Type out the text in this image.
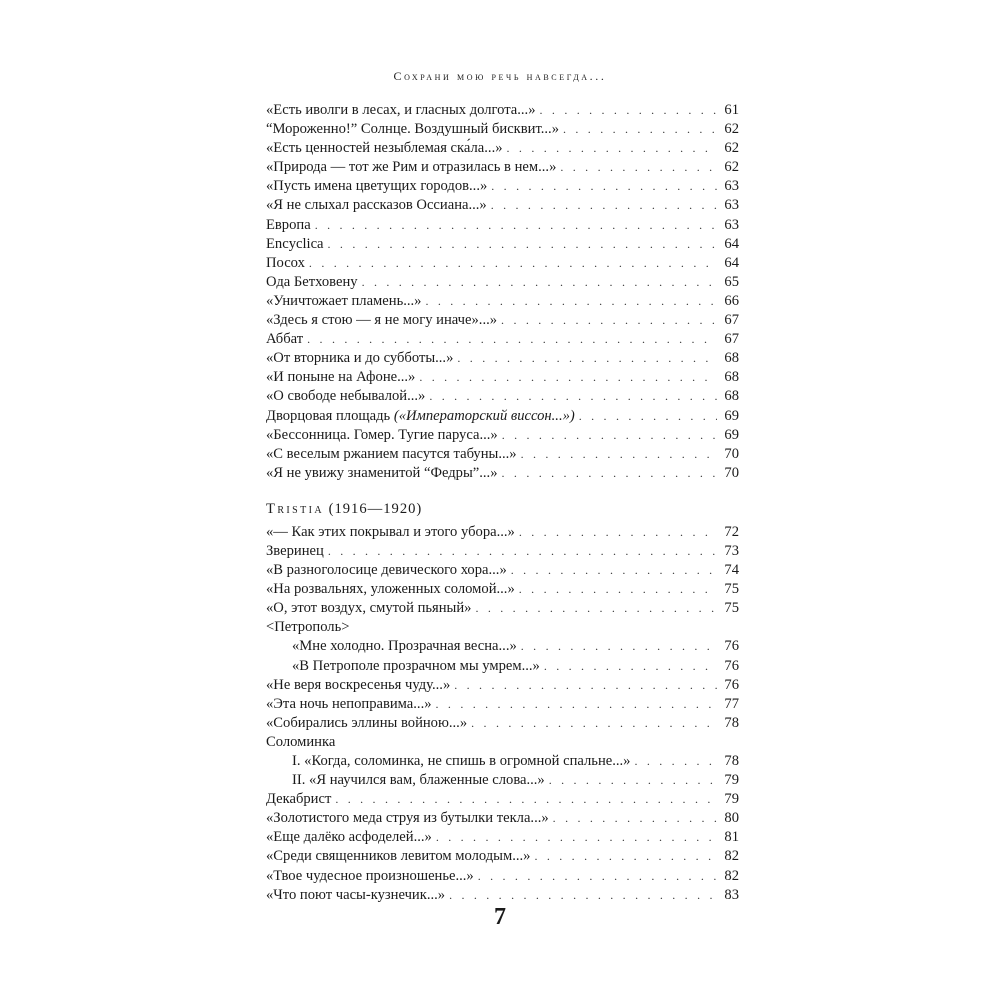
Сохрани мою речь навсегда...
«Есть иволги в лесах, и гласных долгота...» . . .	61
“Мороженно!” Солнце. Воздушный бисквит...» . . .	62
«Есть ценностей незыблемая ска́ла...» . . .	62
«Природа — тот же Рим и отразилась в нем...» . . .	62
«Пусть имена цветущих городов...» . . .	63
«Я не слыхал рассказов Оссиана...» . . .	63
Европа . . .	63
Encyclica . . .	64
Посох . . .	64
Ода Бетховену . . .	65
«Уничтожает пламень...» . . .	66
«Здесь я стою — я не могу иначе»...» . . .	67
Аббат . . .	67
«От вторника и до субботы...» . . .	68
«И поныне на Афоне...» . . .	68
«О свободе небывалой...» . . .	68
Дворцовая площадь («Императорский виссон...») . . .	69
«Бессонница. Гомер. Тугие паруса...» . . .	69
«С веселым ржанием пасутся табуны...» . . .	70
«Я не увижу знаменитой “Федры”...» . . .	70
Tristia (1916—1920)
«— Как этих покрывал и этого убора...» . . .	72
Зверинец . . .	73
«В разноголосице девического хора...» . . .	74
«На розвальнях, уложенных соломой...» . . .	75
«О, этот воздух, смутой пьяный» . . .	75
<Петрополь>
«Мне холодно. Прозрачная весна...» . . .	76
«В Петрополе прозрачном мы умрем...» . . .	76
«Не веря воскресенья чуду...» . . .	76
«Эта ночь непоправима...» . . .	77
«Собирались эллины войною...» . . .	78
Соломинка
I. «Когда, соломинка, не спишь в огромной спальне...» . . .	78
II. «Я научился вам, блаженные слова...» . . .	79
Декабрист . . .	79
«Золотистого меда струя из бутылки текла...» . . .	80
«Еще далёко асфоделей...» . . .	81
«Среди священников левитом молодым...» . . .	82
«Твое чудесное произношенье...» . . .	82
«Что поют часы-кузнечик...» . . .	83
7
